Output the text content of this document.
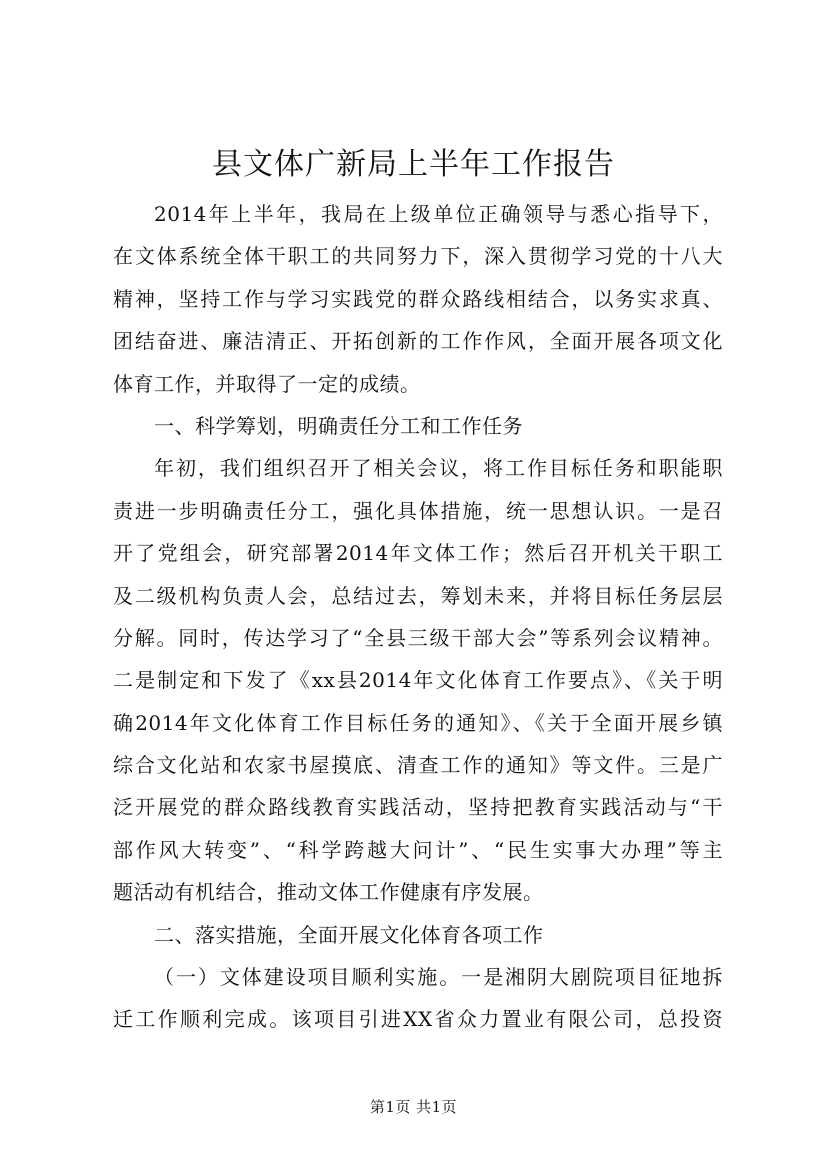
县文体广新局上半年工作报告
2014年上半年，我局在上级单位正确领导与悉心指导下，
在文体系统全体干职工的共同努力下，深入贯彻学习党的十八大
精神，坚持工作与学习实践党的群众路线相结合，以务实求真、
团结奋进、廉洁清正、开拓创新的工作作风，全面开展各项文化
体育工作，并取得了一定的成绩。
一、科学筹划，明确责任分工和工作任务
年初，我们组织召开了相关会议，将工作目标任务和职能职
责进一步明确责任分工，强化具体措施，统一思想认识。一是召
开了党组会，研究部署2014年文体工作；然后召开机关干职工
及二级机构负责人会，总结过去，筹划未来，并将目标任务层层
分解。同时，传达学习了“全县三级干部大会”等系列会议精神。
二是制定和下发了《xx县2014年文化体育工作要点》、《关于明
确2014年文化体育工作目标任务的通知》、《关于全面开展乡镇
综合文化站和农家书屋摸底、清查工作的通知》等文件。三是广
泛开展党的群众路线教育实践活动，坚持把教育实践活动与“干
部作风大转变”、“科学跨越大问计”、“民生实事大办理”等主
题活动有机结合，推动文体工作健康有序发展。
二、落实措施，全面开展文化体育各项工作
（一）文体建设项目顺利实施。一是湘阴大剧院项目征地拆
迁工作顺利完成。该项目引进XX省众力置业有限公司，总投资
第1页 共1页
